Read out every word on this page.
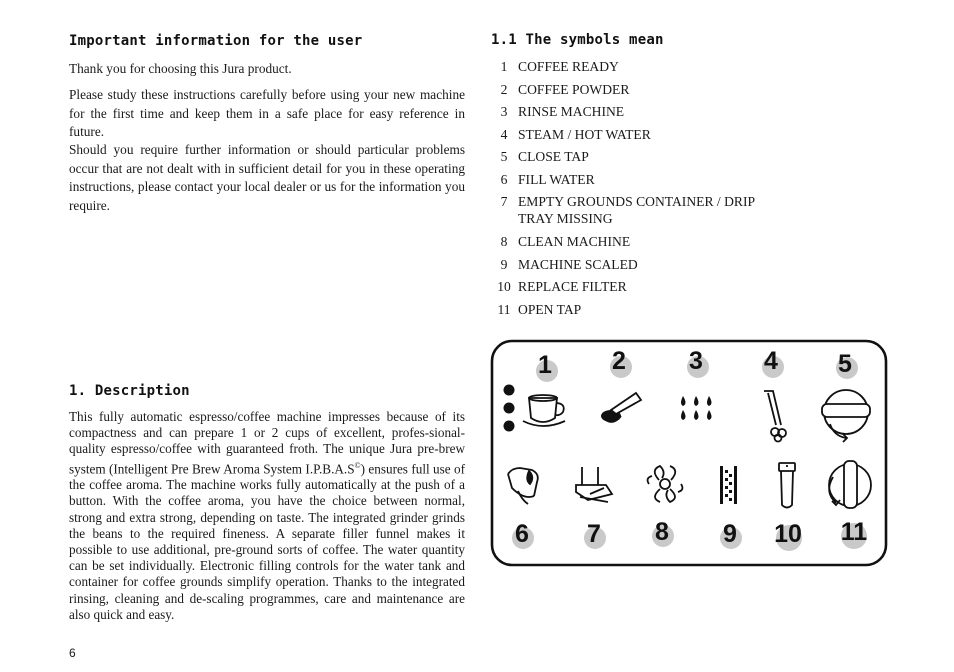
Important information for the user

Thank you for choosing this Jura product.

Please study these instructions carefully before using your new machine for the first time and keep them in a safe place for easy reference in future.

Should you require further information or should particular problems occur that are not dealt with in sufficient detail for you in these operating instructions, please contact your local dealer or us for the information you require.

1. Description

This fully automatic espresso/coffee machine impresses because of its compactness and can prepare 1 or 2 cups of excellent, profes-sional-quality espresso/coffee with guaranteed froth. The unique Jura pre-brew system (Intelligent Pre Brew Aroma System I.P.B.A.S©) ensures full use of the coffee aroma. The machine works fully automatically at the push of a button. With the coffee aroma, you have the choice between normal, strong and extra strong, depending on taste. The integrated grinder grinds the beans to the required fineness. A separate filler funnel makes it possible to use additional, pre-ground sorts of coffee. The water quantity can be set individually. Electronic filling controls for the water tank and container for coffee grounds simplify operation. Thanks to the integrated rinsing, cleaning and de-scaling programmes, care and maintenance are also quick and easy.

6
1.1 The symbols mean
1 COFFEE READY
2 COFFEE POWDER
3 RINSE MACHINE
4 STEAM / HOT WATER
5 CLOSE TAP
6 FILL WATER
7 EMPTY GROUNDS CONTAINER / DRIP TRAY MISSING
8 CLEAN MACHINE
9 MACHINE SCALED
10 REPLACE FILTER
11 OPEN TAP
1 2	3 4 5
6 7 8 9 10 11
